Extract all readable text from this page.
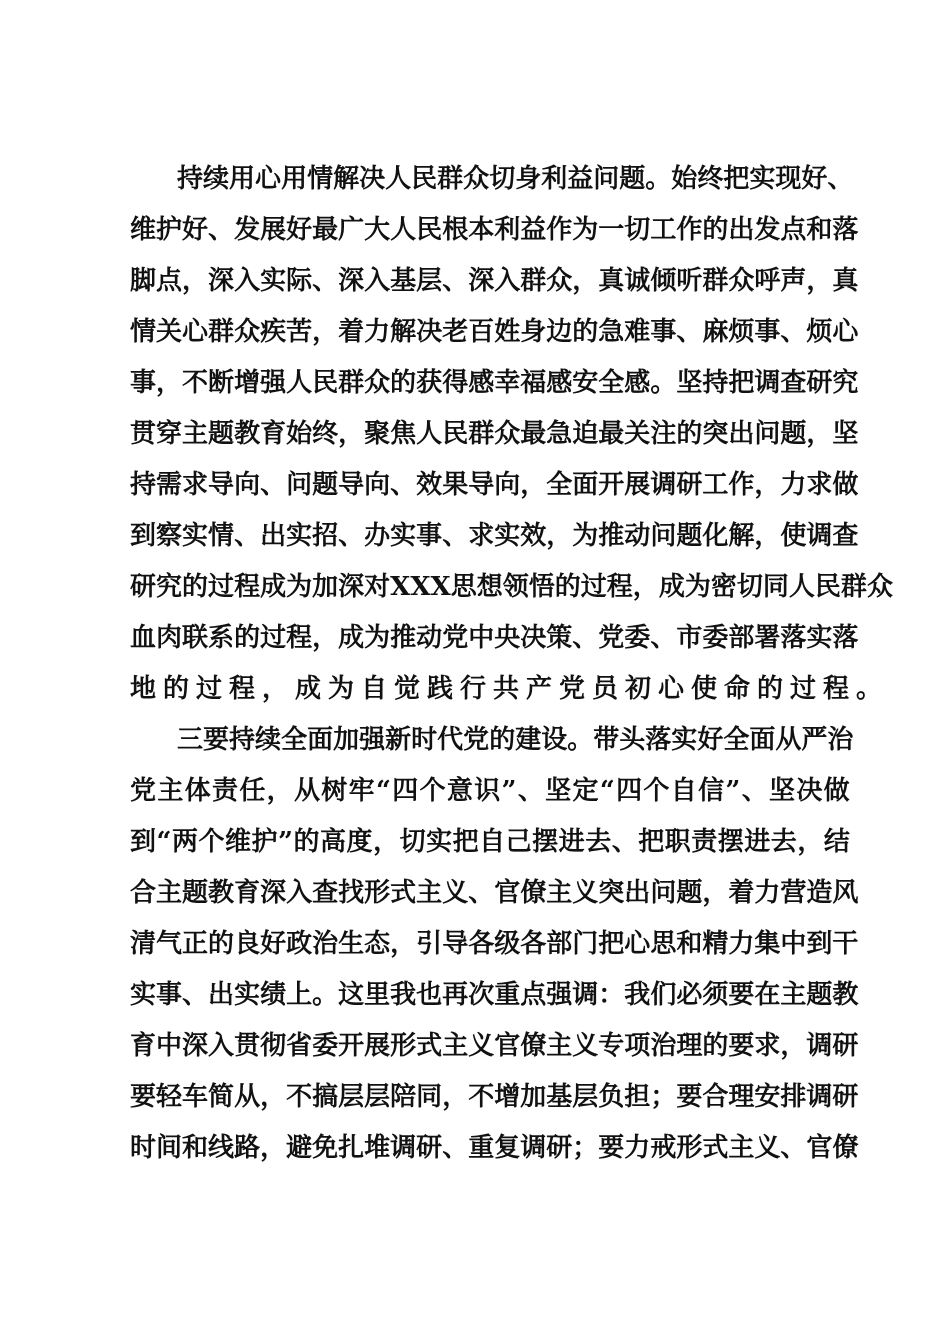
持 续 用 心 用 情 解 决 人 民 群 众 切 身 利 益 问 题 。 始 终 把 实 现 好 、
维 护 好 、 发 展 好 最 广 大 人 民 根 本 利 益 作 为 一 切 工 作 的 出 发 点 和 落
脚 点 ， 深 入 实 际 、 深 入 基 层 、 深 入 群 众 ， 真 诚 倾 听 群 众 呼 声 ， 真
情 关 心 群 众 疾 苦 ， 着 力 解 决 老 百 姓 身 边 的 急 难 事 、 麻 烦 事 、 烦 心
事 ， 不 断 增 强 人 民 群 众 的 获 得 感 幸 福 感 安 全 感 。 坚 持 把 调 查 研 究
贯 穿 主 题 教 育 始 终 ， 聚 焦 人 民 群 众 最 急 迫 最 关 注 的 突 出 问 题 ， 坚
持 需 求 导 向 、 问 题 导 向 、 效 果 导 向 ， 全 面 开 展 调 研 工 作 ， 力 求 做
到 察 实 情 、 出 实 招 、 办 实 事 、 求 实 效 ， 为 推 动 问 题 化 解 ， 使 调 查
研 究 的 过 程 成 为 加 深 对 XXX 思 想 领 悟 的 过 程 ， 成 为 密 切 同 人 民 群 众
血 肉 联 系 的 过 程 ， 成 为 推 动 党 中 央 决 策 、 党 委 、 市 委 部 署 落 实 落
地的过程，成为自觉践行共产党员初心使命的过程。
三 要 持 续 全 面 加 强 新 时 代 党 的 建 设 。 带 头 落 实 好 全 面 从 严 治
党 主 体 责 任 ， 从 树 牢 “ 四 个 意 识 ” 、 坚 定 “ 四 个 自 信 ” 、 坚 决 做
到 “ 两 个 维 护 ” 的 高 度 ， 切 实 把 自 己 摆 进 去 、 把 职 责 摆 进 去 ， 结
合 主 题 教 育 深 入 查 找 形 式 主 义 、 官 僚 主 义 突 出 问 题 ， 着 力 营 造 风
清 气 正 的 良 好 政 治 生 态 ， 引 导 各 级 各 部 门 把 心 思 和 精 力 集 中 到 干
实 事 、 出 实 绩 上 。 这 里 我 也 再 次 重 点 强 调 ： 我 们 必 须 要 在 主 题 教
育 中 深 入 贯 彻 省 委 开 展 形 式 主 义 官 僚 主 义 专 项 治 理 的 要 求 ， 调 研
要 轻 车 简 从 ， 不 搞 层 层 陪 同 ， 不 增 加 基 层 负 担 ； 要 合 理 安 排 调 研
时 间 和 线 路 ， 避 免 扎 堆 调 研 、 重 复 调 研 ； 要 力 戒 形 式 主 义 、 官 僚
